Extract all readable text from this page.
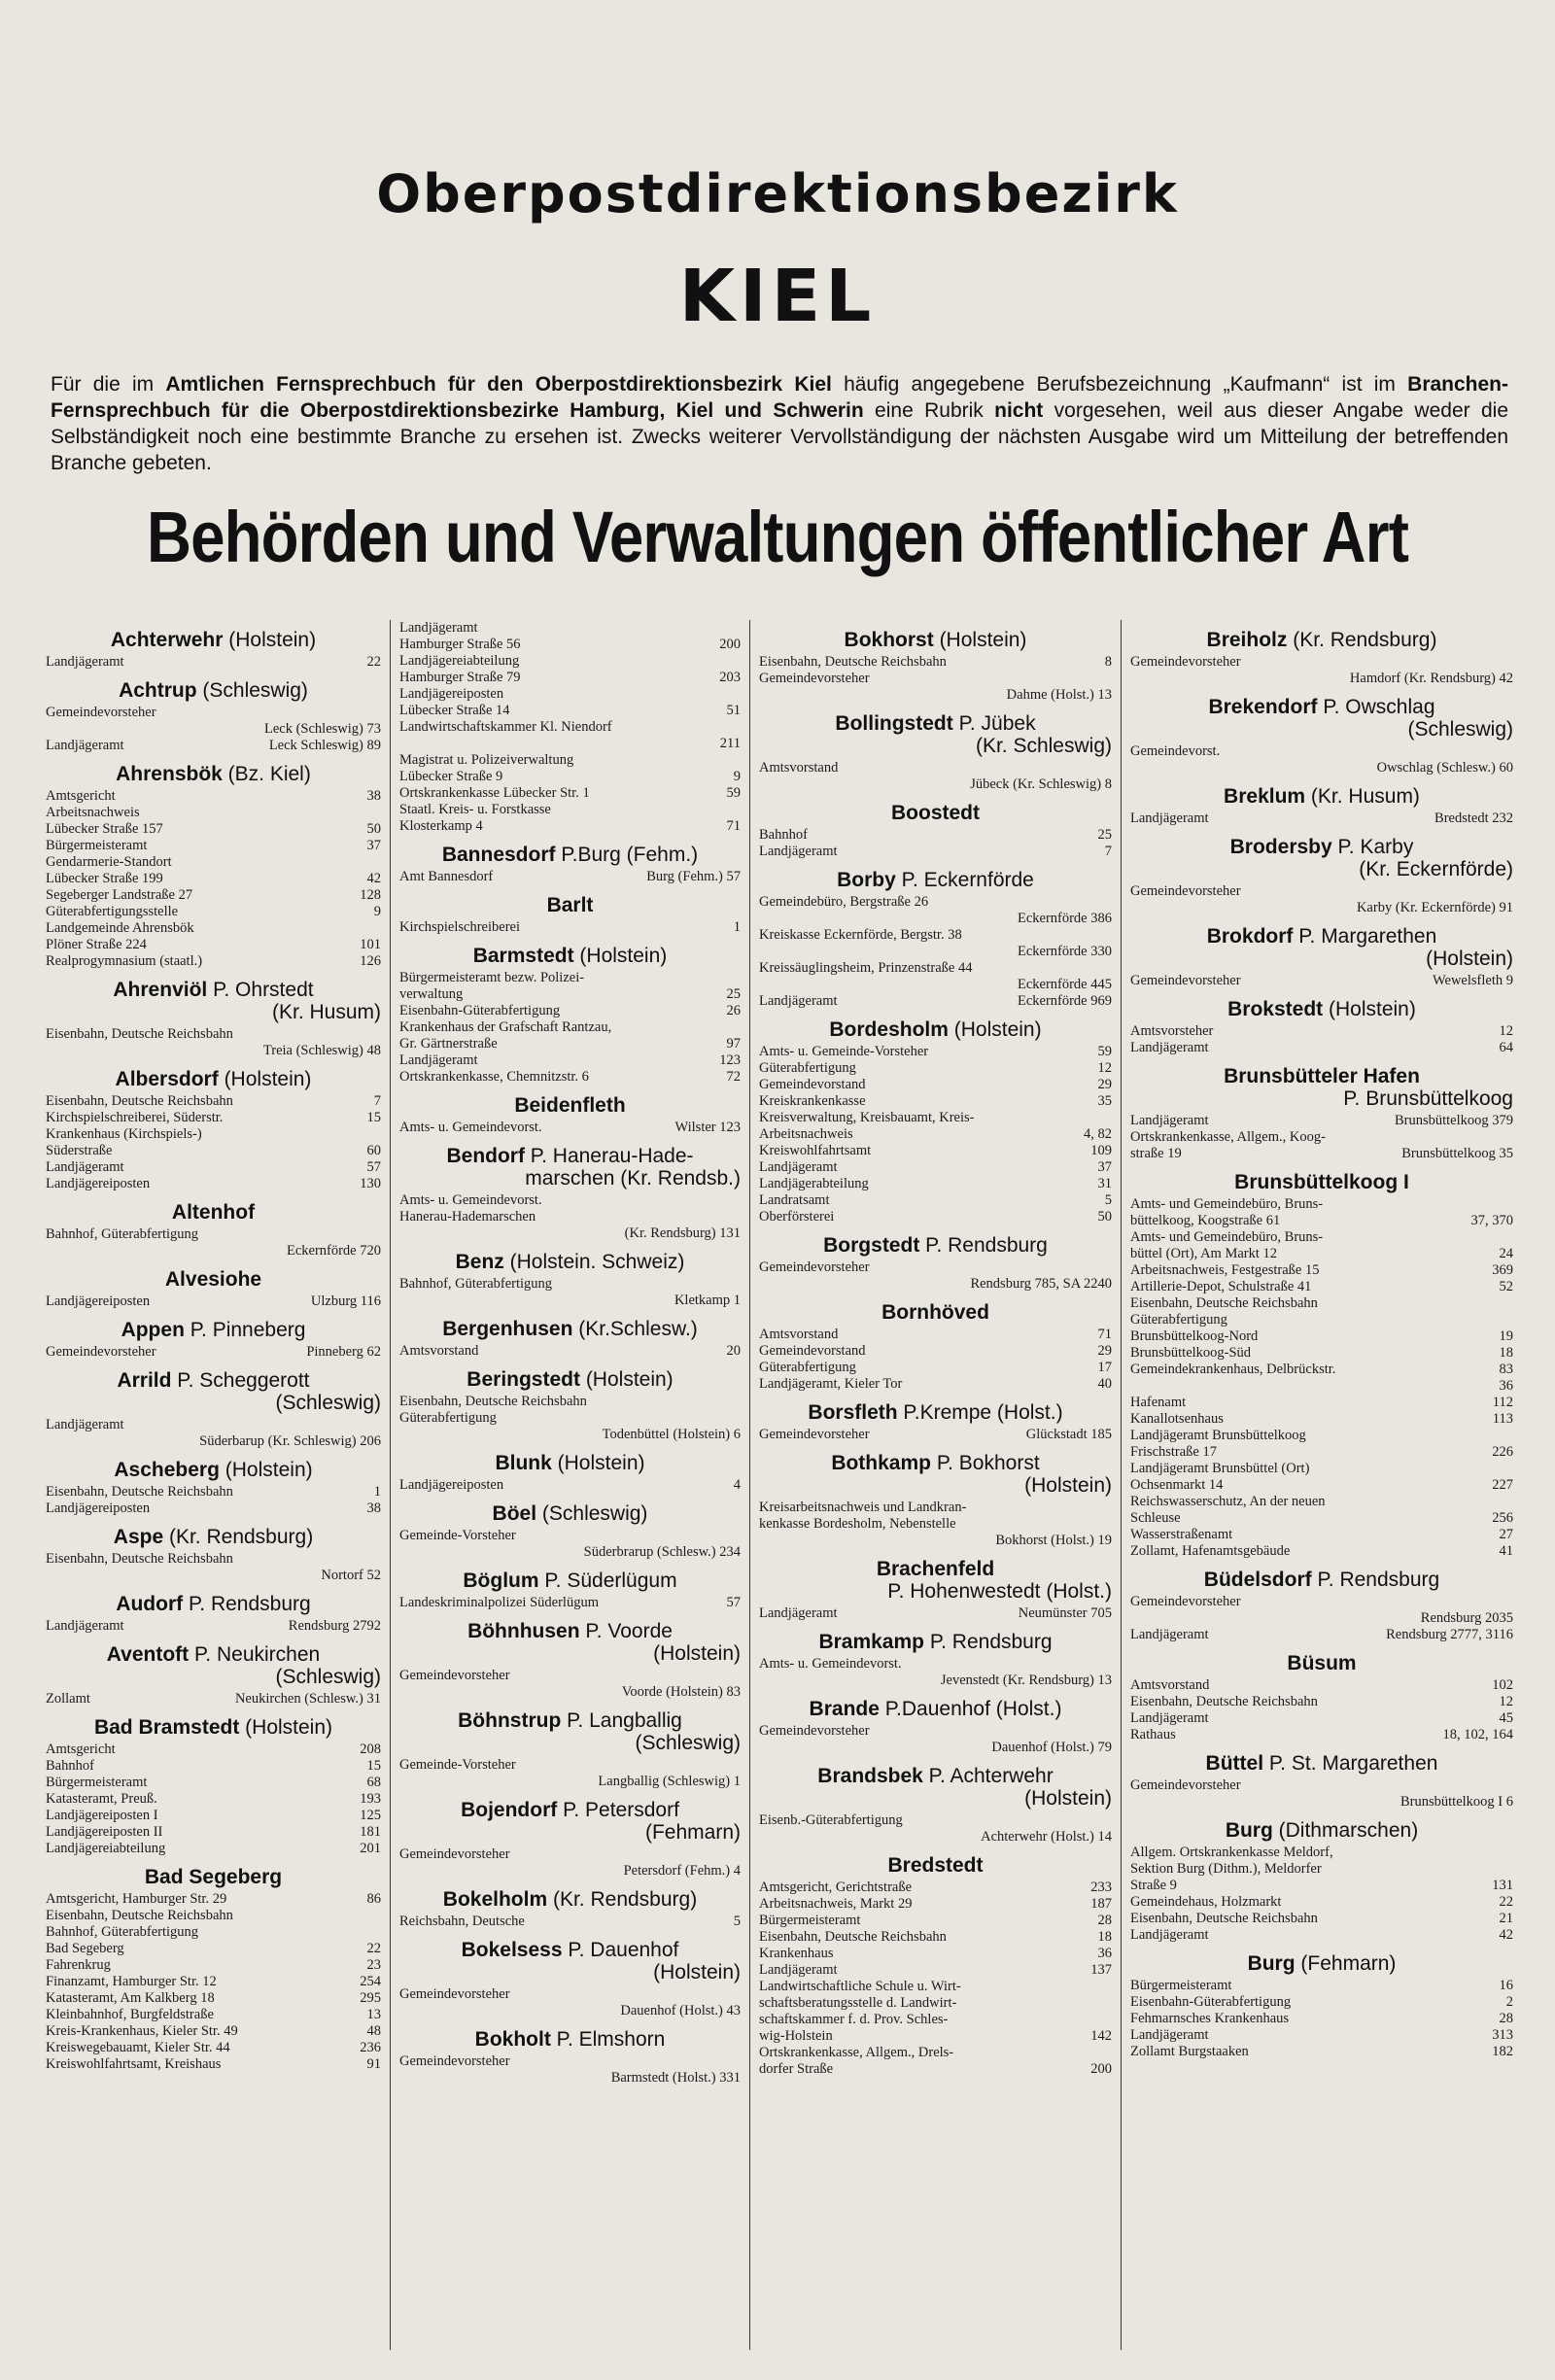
Oberpostdirektionsbezirk
KIEL
Für die im Amtlichen Fernsprechbuch für den Oberpostdirektionsbezirk Kiel häufig angegebene Berufsbezeichnung „Kaufmann“ ist im Branchen-Fernsprechbuch für die Oberpostdirektionsbezirke Hamburg, Kiel und Schwerin eine Rubrik nicht vorgesehen, weil aus dieser Angabe weder die Selbständigkeit noch eine bestimmte Branche zu ersehen ist. Zwecks weiterer Vervollständigung der nächsten Ausgabe wird um Mitteilung der betreffenden Branche gebeten.
Behörden und Verwaltungen öffentlicher Art
Achterwehr (Holstein)
Landjägeramt	22
Achtrup (Schleswig)
Gemeindevorsteher
Leck (Schleswig) 73
Landjägeramt	Leck Schleswig) 89
Ahrensbök (Bz. Kiel)
Amtsgericht	38
Arbeitsnachweis
Lübecker Straße 157	50
Bürgermeisteramt	37
Gendarmerie-Standort
Lübecker Straße 199	42
Segeberger Landstraße 27	128
Güterabfertigungsstelle	9
Landgemeinde Ahrensbök
Plöner Straße 224	101
Realprogymnasium (staatl.)	126
Ahrenviöl P. Ohrstedt
(Kr. Husum)
Eisenbahn, Deutsche Reichsbahn
Treia (Schleswig) 48
Albersdorf (Holstein)
Eisenbahn, Deutsche Reichsbahn	7
Kirchspielschreiberei, Süderstr.	15
Krankenhaus (Kirchspiels-)
Süderstraße	60
Landjägeramt	57
Landjägereiposten	130
Altenhof
Bahnhof, Güterabfertigung
Eckernförde 720
Alvesiohe
Landjägereiposten	Ulzburg 116
Appen P. Pinneberg
Gemeindevorsteher	Pinneberg 62
Arrild P. Scheggerott
(Schleswig)
Landjägeramt
Süderbarup (Kr. Schleswig) 206
Ascheberg (Holstein)
Eisenbahn, Deutsche Reichsbahn	1
Landjägereiposten	38
Aspe (Kr. Rendsburg)
Eisenbahn, Deutsche Reichsbahn
Nortorf 52
Audorf P. Rendsburg
Landjägeramt	Rendsburg 2792
Aventoft P. Neukirchen
(Schleswig)
Zollamt	Neukirchen (Schlesw.) 31
Bad Bramstedt (Holstein)
Amtsgericht	208
Bahnhof	15
Bürgermeisteramt	68
Katasteramt, Preuß.	193
Landjägereiposten I	125
Landjägereiposten II	181
Landjägereiabteilung	201
Bad Segeberg
Amtsgericht, Hamburger Str. 29	86
Eisenbahn, Deutsche Reichsbahn
Bahnhof, Güterabfertigung
Bad Segeberg	22
Fahrenkrug	23
Finanzamt, Hamburger Str. 12	254
Katasteramt, Am Kalkberg 18	295
Kleinbahnhof, Burgfeldstraße	13
Kreis-Krankenhaus, Kieler Str. 49	48
Kreiswegebauamt, Kieler Str. 44	236
Kreiswohlfahrtsamt, Kreishaus	91
Landjägeramt
Hamburger Straße 56	200
Landjägereiabteilung
Hamburger Straße 79	203
Landjägereiposten
Lübecker Straße 14	51
Landwirtschaftskammer Kl. Niendorf
211
Magistrat u. Polizeiverwaltung
Lübecker Straße 9	9
Ortskrankenkasse Lübecker Str. 1	59
Staatl. Kreis- u. Forstkasse
Klosterkamp 4	71
Bannesdorf P.Burg (Fehm.)
Amt Bannesdorf	Burg (Fehm.) 57
Barlt
Kirchspielschreiberei	1
Barmstedt (Holstein)
Bürgermeisteramt bezw. Polizei-
verwaltung	25
Eisenbahn-Güterabfertigung	26
Krankenhaus der Grafschaft Rantzau,
Gr. Gärtnerstraße	97
Landjägeramt	123
Ortskrankenkasse, Chemnitzstr. 6	72
Beidenfleth
Amts- u. Gemeindevorst.	Wilster 123
Bendorf P. Hanerau-Hade-
marschen (Kr. Rendsb.)
Amts- u. Gemeindevorst.
Hanerau-Hademarschen
(Kr. Rendsburg) 131
Benz (Holstein. Schweiz)
Bahnhof, Güterabfertigung
Kletkamp 1
Bergenhusen (Kr.Schlesw.)
Amtsvorstand	20
Beringstedt (Holstein)
Eisenbahn, Deutsche Reichsbahn
Güterabfertigung
Todenbüttel (Holstein) 6
Blunk (Holstein)
Landjägereiposten	4
Böel (Schleswig)
Gemeinde-Vorsteher
Süderbrarup (Schlesw.) 234
Böglum P. Süderlügum
Landeskriminalpolizei Süderlügum	57
Böhnhusen P. Voorde
(Holstein)
Gemeindevorsteher
Voorde (Holstein) 83
Böhnstrup P. Langballig
(Schleswig)
Gemeinde-Vorsteher
Langballig (Schleswig) 1
Bojendorf P. Petersdorf
(Fehmarn)
Gemeindevorsteher
Petersdorf (Fehm.) 4
Bokelholm (Kr. Rendsburg)
Reichsbahn, Deutsche	5
Bokelsess P. Dauenhof
(Holstein)
Gemeindevorsteher
Dauenhof (Holst.) 43
Bokholt P. Elmshorn
Gemeindevorsteher
Barmstedt (Holst.) 331
Bokhorst (Holstein)
Eisenbahn, Deutsche Reichsbahn	8
Gemeindevorsteher
Dahme (Holst.) 13
Bollingstedt P. Jübek
(Kr. Schleswig)
Amtsvorstand
Jübeck (Kr. Schleswig) 8
Boostedt
Bahnhof	25
Landjägeramt	7
Borby P. Eckernförde
Gemeindebüro, Bergstraße 26
Eckernförde 386
Kreiskasse Eckernförde, Bergstr. 38
Eckernförde 330
Kreissäuglingsheim, Prinzenstraße 44
Eckernförde 445
Landjägeramt	Eckernförde 969
Bordesholm (Holstein)
Amts- u. Gemeinde-Vorsteher	59
Güterabfertigung	12
Gemeindevorstand	29
Kreiskrankenkasse	35
Kreisverwaltung, Kreisbauamt, Kreis-
Arbeitsnachweis	4, 82
Kreiswohlfahrtsamt	109
Landjägeramt	37
Landjägerabteilung	31
Landratsamt	5
Oberförsterei	50
Borgstedt P. Rendsburg
Gemeindevorsteher
Rendsburg 785, SA 2240
Bornhöved
Amtsvorstand	71
Gemeindevorstand	29
Güterabfertigung	17
Landjägeramt, Kieler Tor	40
Borsfleth P.Krempe (Holst.)
Gemeindevorsteher	Glückstadt 185
Bothkamp P. Bokhorst
(Holstein)
Kreisarbeitsnachweis und Landkran-
kenkasse Bordesholm, Nebenstelle
Bokhorst (Holst.) 19
Brachenfeld
P. Hohenwestedt (Holst.)
Landjägeramt	Neumünster 705
Bramkamp P. Rendsburg
Amts- u. Gemeindevorst.
Jevenstedt (Kr. Rendsburg) 13
Brande P.Dauenhof (Holst.)
Gemeindevorsteher
Dauenhof (Holst.) 79
Brandsbek P. Achterwehr
(Holstein)
Eisenb.-Güterabfertigung
Achterwehr (Holst.) 14
Bredstedt
Amtsgericht, Gerichtstraße	233
Arbeitsnachweis, Markt 29	187
Bürgermeisteramt	28
Eisenbahn, Deutsche Reichsbahn	18
Krankenhaus	36
Landjägeramt	137
Landwirtschaftliche Schule u. Wirt-
schaftsberatungsstelle d. Landwirt-
schaftskammer f. d. Prov. Schles-
wig-Holstein	142
Ortskrankenkasse, Allgem., Drels-
dorfer Straße	200
Breiholz (Kr. Rendsburg)
Gemeindevorsteher
Hamdorf (Kr. Rendsburg) 42
Brekendorf P. Owschlag
(Schleswig)
Gemeindevorst.
Owschlag (Schlesw.) 60
Breklum (Kr. Husum)
Landjägeramt	Bredstedt 232
Brodersby P. Karby
(Kr. Eckernförde)
Gemeindevorsteher
Karby (Kr. Eckernförde) 91
Brokdorf P. Margarethen
(Holstein)
Gemeindevorsteher	Wewelsfleth 9
Brokstedt (Holstein)
Amtsvorsteher	12
Landjägeramt	64
Brunsbütteler Hafen
P. Brunsbüttelkoog
Landjägeramt	Brunsbüttelkoog 379
Ortskrankenkasse, Allgem., Koog-
straße 19	Brunsbüttelkoog 35
Brunsbüttelkoog I
Amts- und Gemeindebüro, Bruns-
büttelkoog, Koogstraße 61	37, 370
Amts- und Gemeindebüro, Bruns-
büttel (Ort), Am Markt 12	24
Arbeitsnachweis, Festgestraße 15	369
Artillerie-Depot, Schulstraße 41	52
Eisenbahn, Deutsche Reichsbahn
Güterabfertigung
Brunsbüttelkoog-Nord	19
Brunsbüttelkoog-Süd	18
Gemeindekrankenhaus, Delbrückstr.	83
36
Hafenamt	112
Kanallotsenhaus	113
Landjägeramt Brunsbüttelkoog
Frischstraße 17	226
Landjägeramt Brunsbüttel (Ort)
Ochsenmarkt 14	227
Reichswasserschutz, An der neuen
Schleuse	256
Wasserstraßenamt	27
Zollamt, Hafenamtsgebäude	41
Büdelsdorf P. Rendsburg
Gemeindevorsteher
Rendsburg 2035
Landjägeramt	Rendsburg 2777, 3116
Büsum
Amtsvorstand	102
Eisenbahn, Deutsche Reichsbahn	12
Landjägeramt	45
Rathaus	18, 102, 164
Büttel P. St. Margarethen
Gemeindevorsteher
Brunsbüttelkoog I 6
Burg (Dithmarschen)
Allgem. Ortskrankenkasse Meldorf,
Sektion Burg (Dithm.), Meldorfer
Straße 9	131
Gemeindehaus, Holzmarkt	22
Eisenbahn, Deutsche Reichsbahn	21
Landjägeramt	42
Burg (Fehmarn)
Bürgermeisteramt	16
Eisenbahn-Güterabfertigung	2
Fehmarnsches Krankenhaus	28
Landjägeramt	313
Zollamt Burgstaaken	182
